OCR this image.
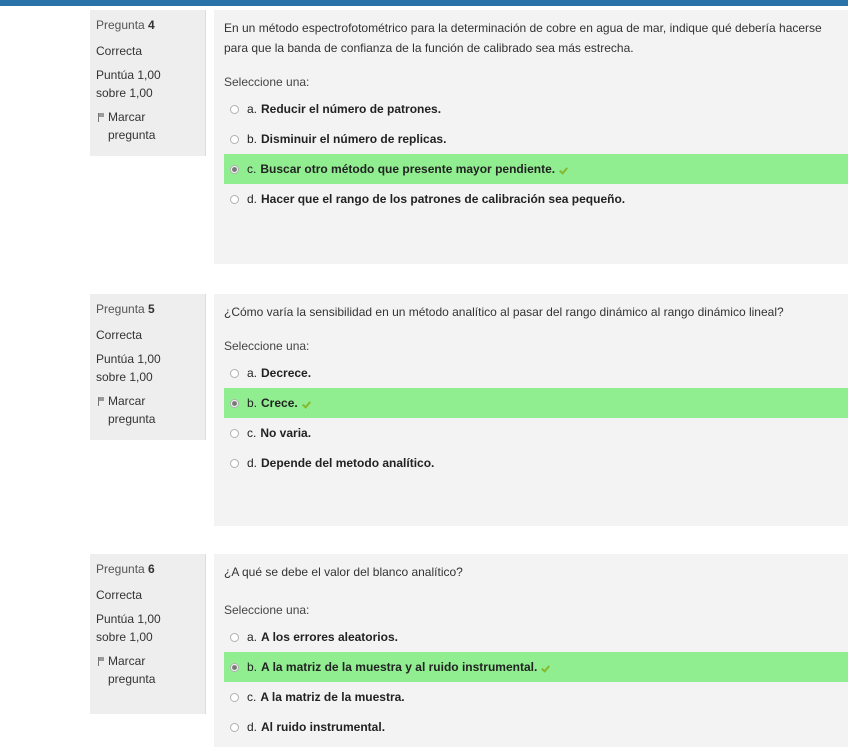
Pregunta 4
Correcta
Puntúa 1,00
sobre 1,00
Marcar
pregunta
En un método espectrofotométrico para la determinación de cobre en agua de mar, indique qué debería hacerse para que la banda de confianza de la función de calibrado sea más estrecha.
Seleccione una:
a. Reducir el número de patrones.
b. Disminuir el número de replicas.
c. Buscar otro método que presente mayor pendiente.
d. Hacer que el rango de los patrones de calibración sea pequeño.
Pregunta 5
Correcta
Puntúa 1,00
sobre 1,00
Marcar
pregunta
¿Cómo varía la sensibilidad en un método analítico al pasar del rango dinámico al rango dinámico lineal?
Seleccione una:
a. Decrece.
b. Crece.
c. No varia.
d. Depende del metodo analítico.
Pregunta 6
Correcta
Puntúa 1,00
sobre 1,00
Marcar
pregunta
¿A qué se debe el valor del blanco analítico?
Seleccione una:
a. A los errores aleatorios.
b. A la matriz de la muestra y al ruido instrumental.
c. A la matriz de la muestra.
d. Al ruido instrumental.
